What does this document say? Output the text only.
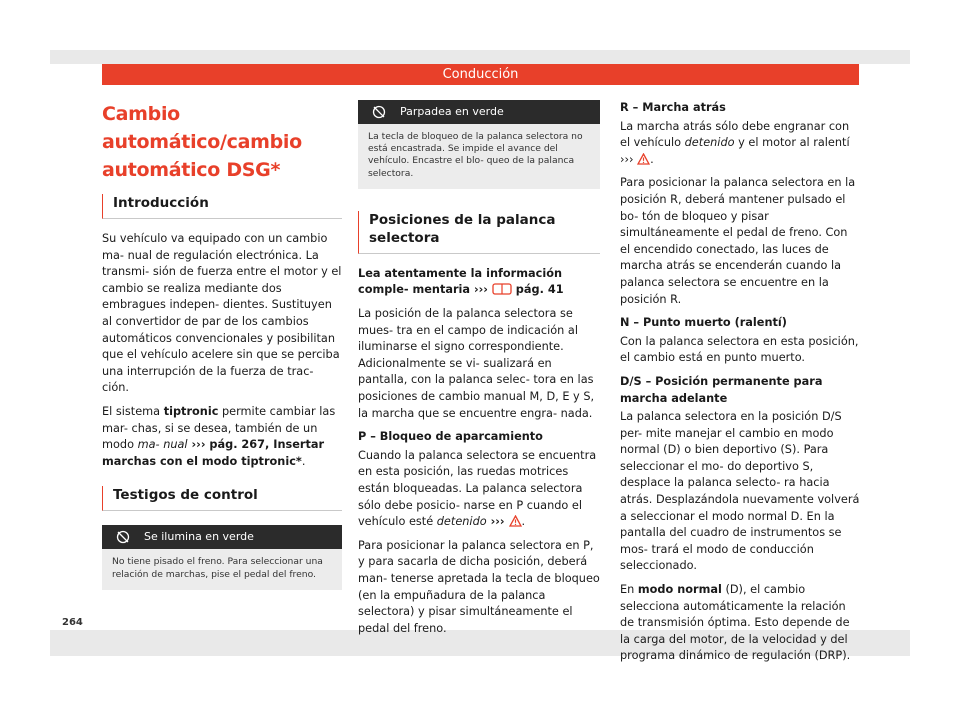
Conducción
Cambio automático/cambio
automático DSG*
Introducción

Su vehículo va equipado con un cambio ma- nual de regulación electrónica. La transmi- sión de fuerza entre el motor y el cambio se realiza mediante dos embragues indepen- dientes. Sustituyen al convertidor de par de los cambios automáticos convencionales y posibilitan que el vehículo acelere sin que se perciba una interrupción de la fuerza de trac- ción.

El sistema tiptronic permite cambiar las mar- chas, si se desea, también de un modo ma- nual ››› pág. 267, Insertar marchas con el modo tiptronic*.

Testigos de control
Se ilumina en verde
No tiene pisado el freno. Para seleccionar una relación de marchas, pise el pedal del freno.
Parpadea en verde
La tecla de bloqueo de la palanca selectora no está encastrada. Se impide el avance del vehículo. Encastre el blo- queo de la palanca selectora.
Posiciones de la palanca selectora

Lea atentamente la información comple- mentaria ›››  pág. 41

La posición de la palanca selectora se mues- tra en el campo de indicación al iluminarse el signo correspondiente. Adicionalmente se vi- sualizará en pantalla, con la palanca selec- tora en las posiciones de cambio manual M, D, E y S, la marcha que se encuentre engra- nada.

P – Bloqueo de aparcamiento

Cuando la palanca selectora se encuentra en esta posición, las ruedas motrices están bloqueadas. La palanca selectora sólo debe posicio- narse en P cuando el vehículo esté detenido ››› .

Para posicionar la palanca selectora en P, y para sacarla de dicha posición, deberá man- tenerse apretada la tecla de bloqueo (en la empuñadura de la palanca selectora) y pisar simultáneamente el pedal del freno.

R – Marcha atrás

La marcha atrás sólo debe engranar con el vehículo detenido y el motor al ralentí ››› .

Para posicionar la palanca selectora en la posición R, deberá mantener pulsado el bo- tón de bloqueo y pisar simultáneamente el pedal de freno. Con el encendido conectado, las luces de marcha atrás se encenderán cuando la palanca selectora se encuentre en la posición R.

N – Punto muerto (ralentí)

Con la palanca selectora en esta posición, el cambio está en punto muerto.

D/S – Posición permanente para marcha adelante

La palanca selectora en la posición D/S per- mite manejar el cambio en modo normal (D) o bien deportivo (S). Para seleccionar el mo- do deportivo S, desplace la palanca selecto- ra hacia atrás. Desplazándola nuevamente volverá a seleccionar el modo normal D. En la pantalla del cuadro de instrumentos se mos- trará el modo de conducción seleccionado.

En modo normal (D), el cambio selecciona automáticamente la relación de transmisión óptima. Esto depende de la carga del motor, de la velocidad y del programa dinámico de regulación (DRP).

264
